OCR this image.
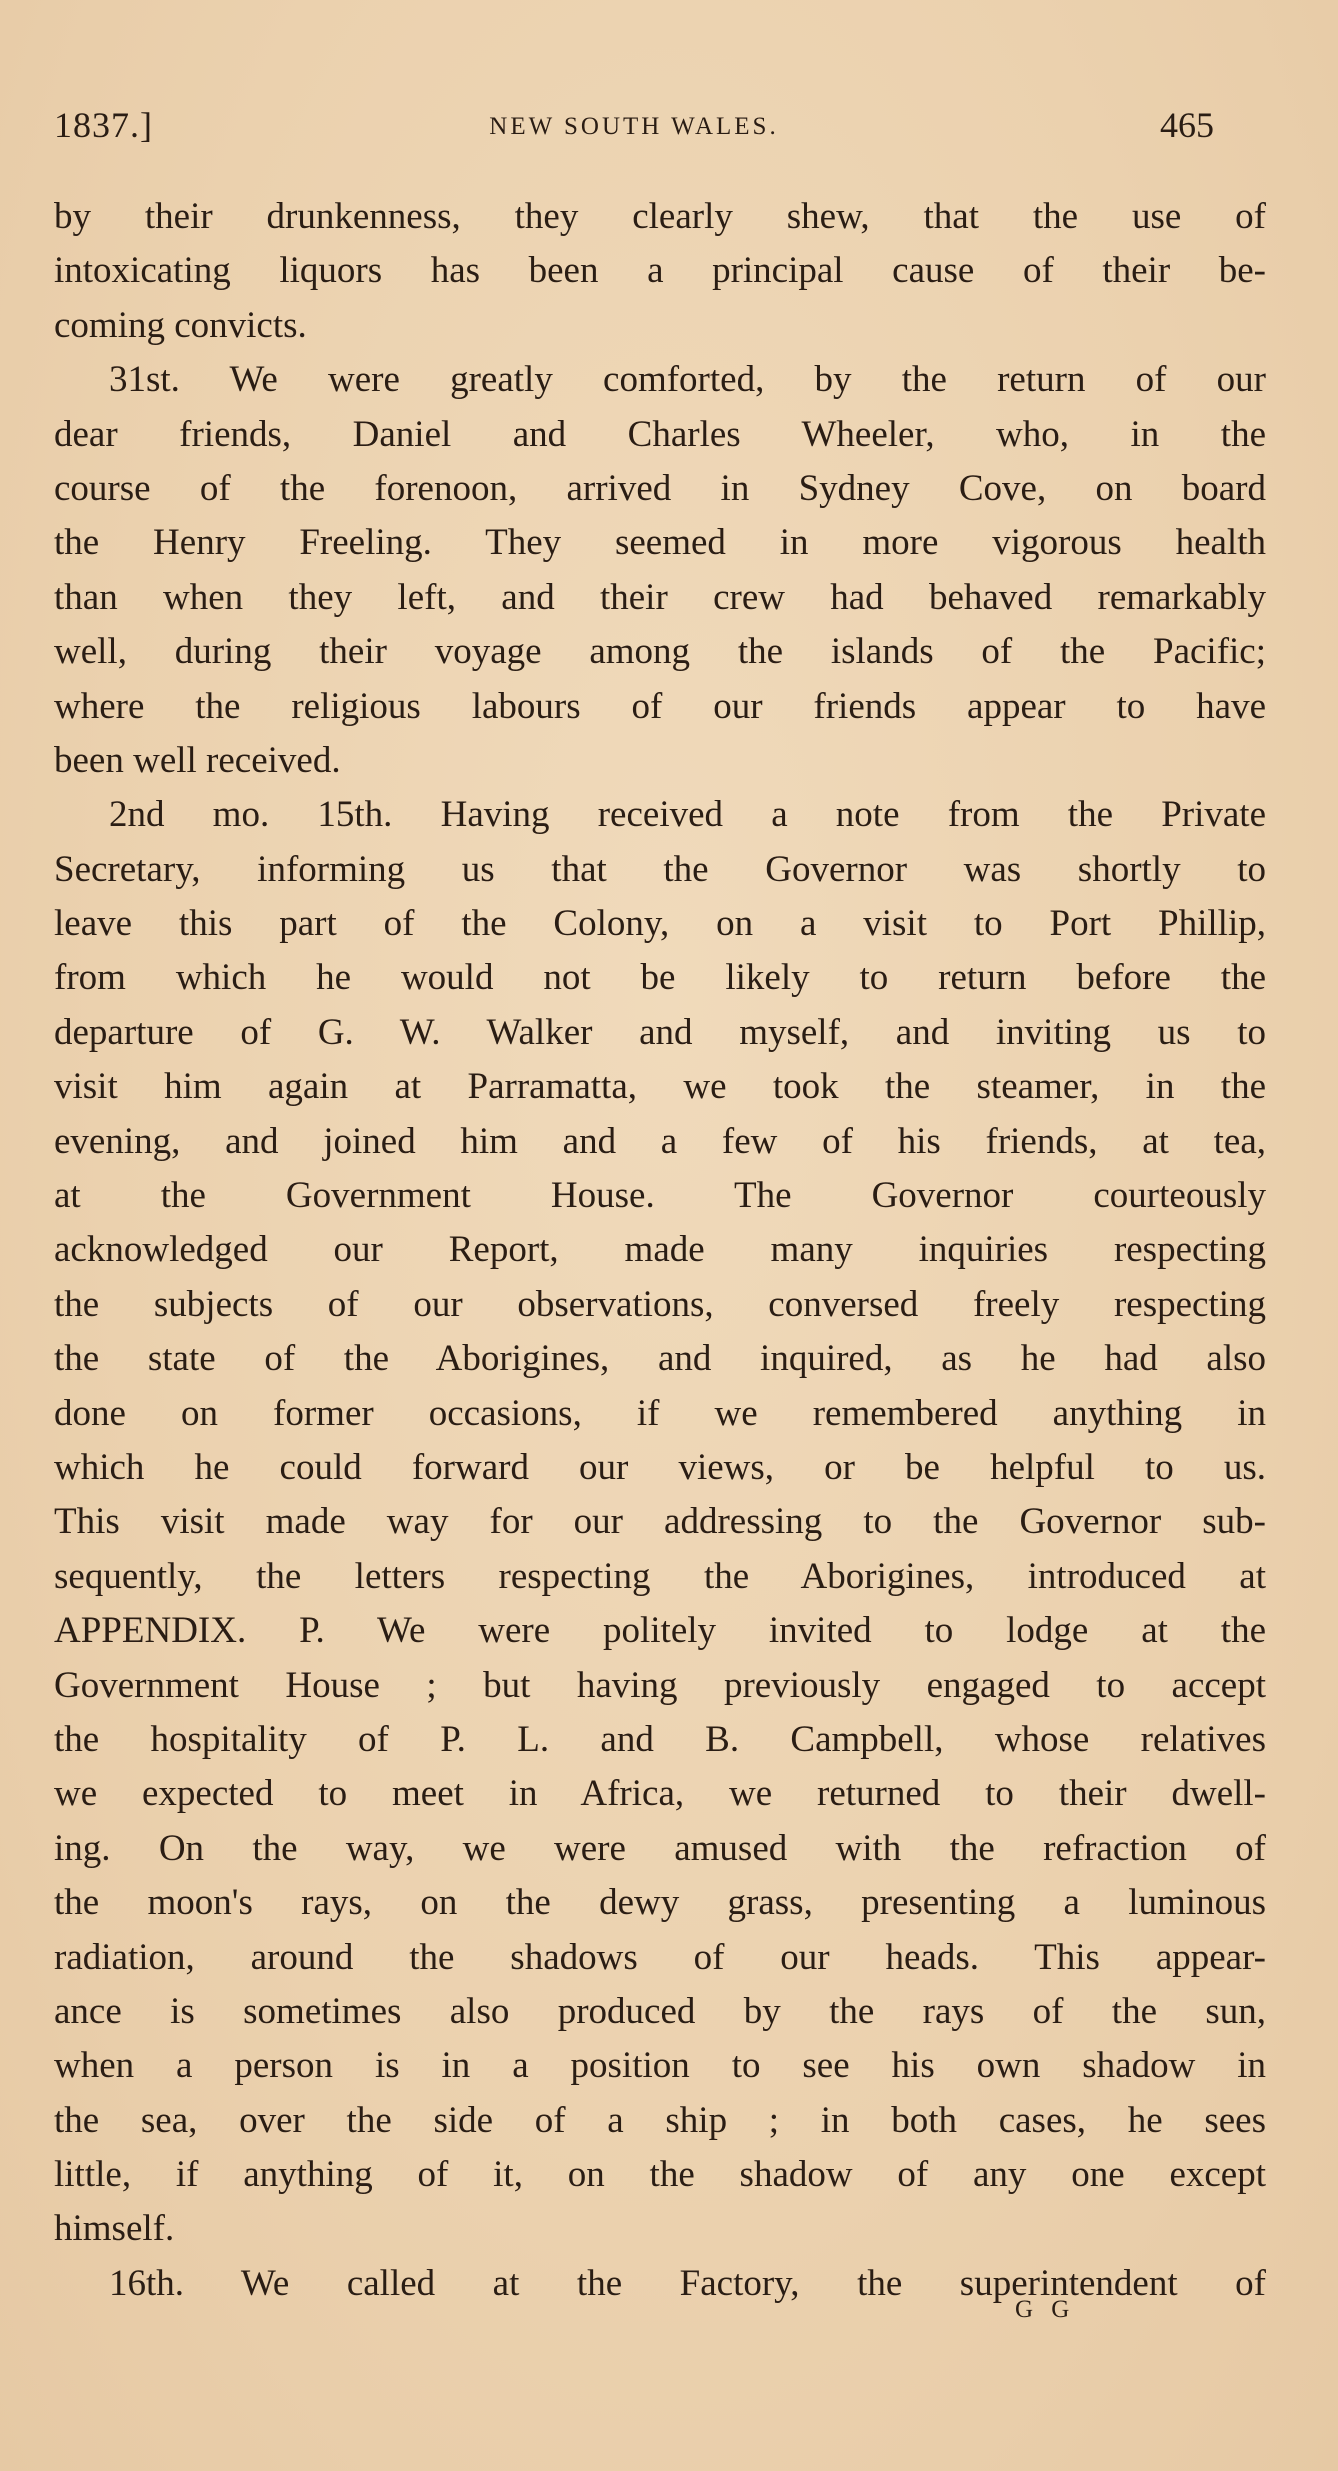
1837.]	NEW SOUTH WALES.	465
by their drunkenness, they clearly shew, that the use of
intoxicating liquors has been a principal cause of their be-
coming convicts.
31st. We were greatly comforted, by the return of our
dear friends, Daniel and Charles Wheeler, who, in the
course of the forenoon, arrived in Sydney Cove, on board
the Henry Freeling. They seemed in more vigorous health
than when they left, and their crew had behaved remarkably
well, during their voyage among the islands of the Pacific;
where the religious labours of our friends appear to have
been well received.
2nd mo. 15th. Having received a note from the Private
Secretary, informing us that the Governor was shortly to
leave this part of the Colony, on a visit to Port Phillip,
from which he would not be likely to return before the
departure of G. W. Walker and myself, and inviting us to
visit him again at Parramatta, we took the steamer, in the
evening, and joined him and a few of his friends, at tea,
at the Government House. The Governor courteously
acknowledged our Report, made many inquiries respecting
the subjects of our observations, conversed freely respecting
the state of the Aborigines, and inquired, as he had also
done on former occasions, if we remembered anything in
which he could forward our views, or be helpful to us.
This visit made way for our addressing to the Governor sub-
sequently, the letters respecting the Aborigines, introduced at
APPENDIX. P. We were politely invited to lodge at the
Government House ; but having previously engaged to accept
the hospitality of P. L. and B. Campbell, whose relatives
we expected to meet in Africa, we returned to their dwell-
ing. On the way, we were amused with the refraction of
the moon's rays, on the dewy grass, presenting a luminous
radiation, around the shadows of our heads. This appear-
ance is sometimes also produced by the rays of the sun,
when a person is in a position to see his own shadow in
the sea, over the side of a ship ; in both cases, he sees
little, if anything of it, on the shadow of any one except
himself.
16th. We called at the Factory, the superintendent of
G G
